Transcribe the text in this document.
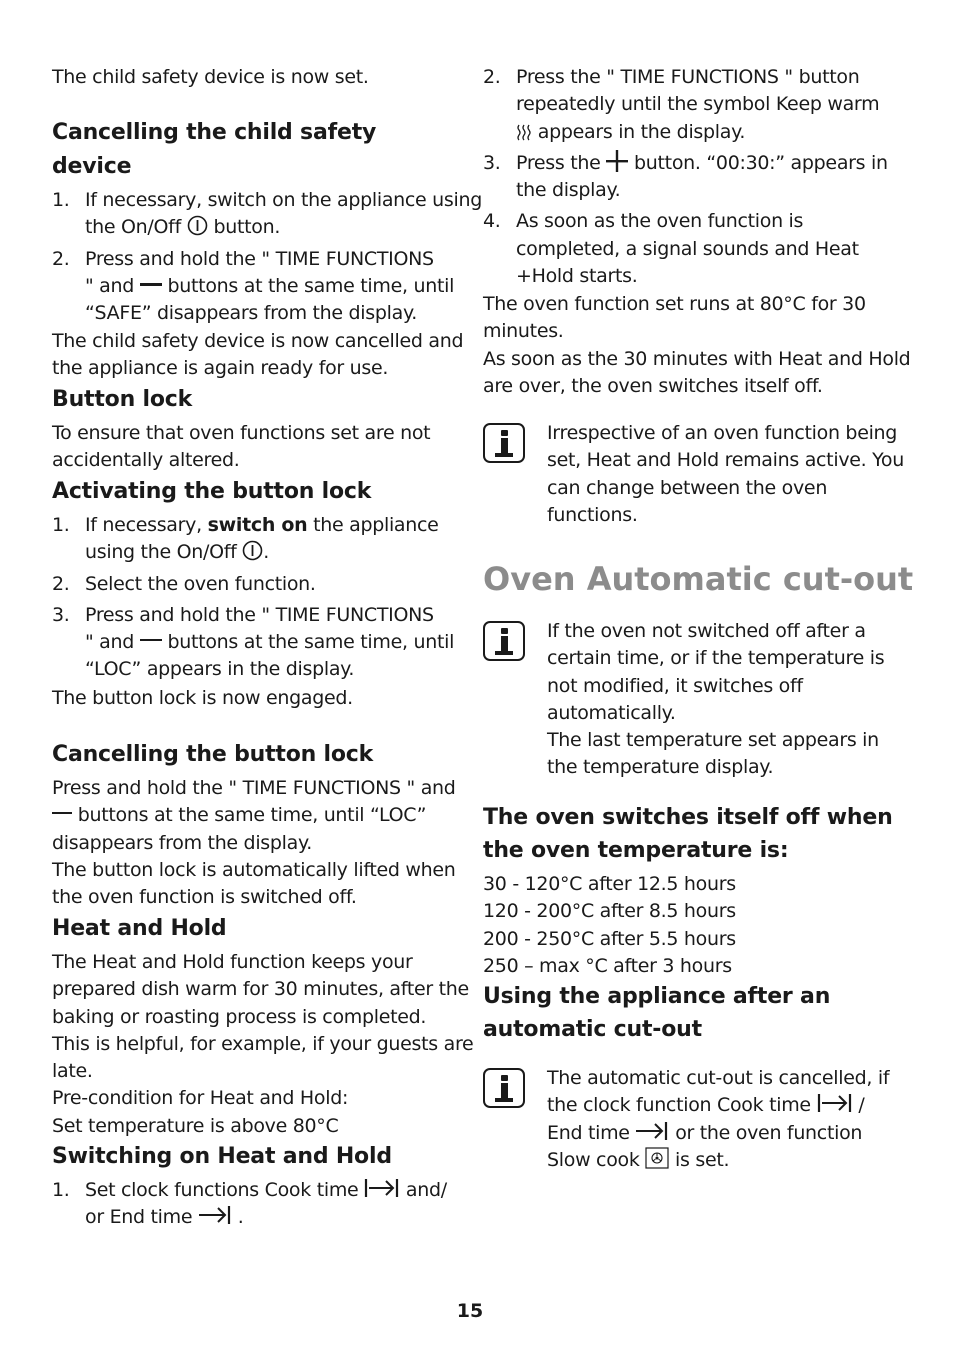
The child safety device is now set.

Cancelling the child safety
device
1. If necessary, switch on the appliance using
the On/Off button.
2. Press and hold the " TIME FUNCTIONS
" and buttons at the same time, until
“SAFE” disappears from the display.

The child safety device is now cancelled and
the appliance is again ready for use.

Button lock

To ensure that oven functions set are not
accidentally altered.

Activating the button lock
1. If necessary, switch on the appliance
using the On/Off .
2. Select the oven function.
3. Press and hold the " TIME FUNCTIONS
" and buttons at the same time, until
“LOC” appears in the display.

The button lock is now engaged.

Cancelling the button lock

Press and hold the " TIME FUNCTIONS " and
buttons at the same time, until “LOC”
disappears from the display.
The button lock is automatically lifted when
the oven function is switched off.

Heat and Hold

The Heat and Hold function keeps your
prepared dish warm for 30 minutes, after the
baking or roasting process is completed.
This is helpful, for example, if your guests are
late.
Pre-condition for Heat and Hold:
Set temperature is above 80°C

Switching on Heat and Hold
1. Set clock functions Cook time	and/
or End time .
2. Press the " TIME FUNCTIONS " button
repeatedly until the symbol Keep warm
appears in the display.
3. Press the button. “00:30:” appears in
the display.
4. As soon as the oven function is
completed, a signal sounds and Heat
+Hold starts.

The oven function set runs at 80°C for 30
minutes.
As soon as the 30 minutes with Heat and Hold
are over, the oven switches itself off.

Irrespective of an oven function being
set, Heat and Hold remains active. You
can change between the oven
functions.

Oven Automatic cut-out

If the oven not switched off after a
certain time, or if the temperature is
not modified, it switches off
automatically.
The last temperature set appears in
the temperature display.

The oven switches itself off when
the oven temperature is:

30 - 120°C after 12.5 hours
120 - 200°C after 8.5 hours
200 - 250°C after 5.5 hours
250 – max °C after 3 hours

Using the appliance after an
automatic cut-out

The automatic cut-out is cancelled, if
the clock function Cook time	/
End time or the oven function
Slow cook is set.

15
